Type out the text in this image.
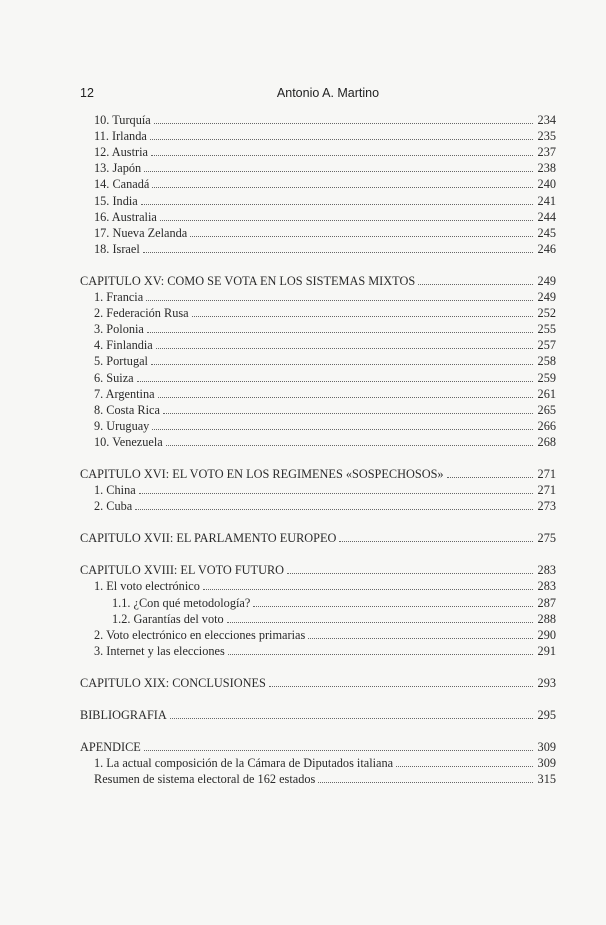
12	Antonio A. Martino
10. Turquía	234
11. Irlanda	235
12. Austria	237
13. Japón	238
14. Canadá	240
15. India	241
16. Australia	244
17. Nueva Zelanda	245
18. Israel	246
CAPITULO XV: COMO SE VOTA EN LOS SISTEMAS MIXTOS	249
1. Francia	249
2. Federación Rusa	252
3. Polonia	255
4. Finlandia	257
5. Portugal	258
6. Suiza	259
7. Argentina	261
8. Costa Rica	265
9. Uruguay	266
10. Venezuela	268
CAPITULO XVI: EL VOTO EN LOS REGIMENES «SOSPECHOSOS»	271
1. China	271
2. Cuba	273
CAPITULO XVII: EL PARLAMENTO EUROPEO	275
CAPITULO XVIII: EL VOTO FUTURO	283
1. El voto electrónico	283
1.1. ¿Con qué metodología?	287
1.2. Garantías del voto	288
2. Voto electrónico en elecciones primarias	290
3. Internet y las elecciones	291
CAPITULO XIX: CONCLUSIONES	293
BIBLIOGRAFIA	295
APENDICE	309
1. La actual composición de la Cámara de Diputados italiana	309
Resumen de sistema electoral de 162 estados	315
